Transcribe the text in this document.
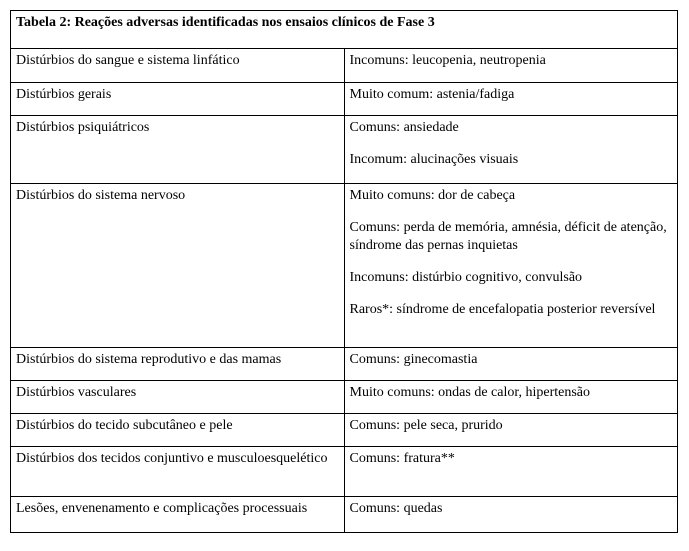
Tabela 2: Reações adversas identificadas nos ensaios clínicos de Fase 3	
Distúrbios do sangue e sistema linfático	Incomuns: leucopenia, neutropenia

Distúrbios gerais	Muito comum: astenia/fadiga

Distúrbios psiquiátricos	Comuns: ansiedade
Incomum: alucinações visuais

Distúrbios do sistema nervoso	Muito comuns: dor de cabeça
Comuns: perda de memória, amnésia, déficit de atenção, síndrome das pernas inquietas
Incomuns: distúrbio cognitivo, convulsão
Raros*: síndrome de encefalopatia posterior reversível

Distúrbios do sistema reprodutivo e das mamas	Comuns: ginecomastia

Distúrbios vasculares	Muito comuns: ondas de calor, hipertensão

Distúrbios do tecido subcutâneo e pele	Comuns: pele seca, prurido

Distúrbios dos tecidos conjuntivo e musculoesquelético	Comuns: fratura**

Lesões, envenenamento e complicações processuais	Comuns: quedas
